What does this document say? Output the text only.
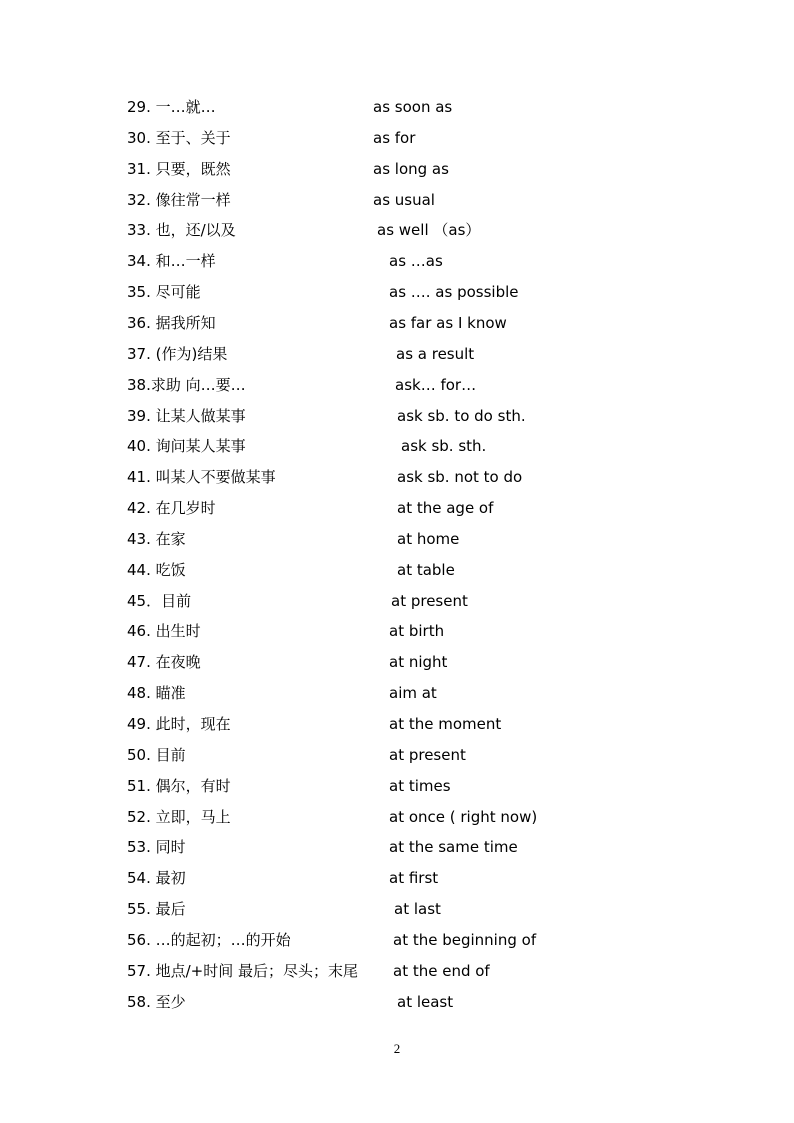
29. 一…就…	as soon as
30. 至于、关于	as for
31. 只要，既然	as long as
32. 像往常一样	as usual
33. 也，还/以及	as well （as）
34. 和…一样	as …as
35. 尽可能	as …. as possible
36. 据我所知	as far as I know
37. (作为)结果	as a result
38.求助 向…要…	ask… for…
39. 让某人做某事	ask sb. to do sth.
40. 询问某人某事	ask sb. sth.
41. 叫某人不要做某事	ask sb. not to do
42. 在几岁时	at the age of
43. 在家	at home
44. 吃饭	at table
45．目前	at present
46. 出生时	at birth
47. 在夜晚	at night
48. 瞄准	aim at
49. 此时，现在	at the moment
50. 目前	at present
51. 偶尔，有时	at times
52. 立即，马上	at once ( right now)
53. 同时	at the same time
54. 最初	at first
55. 最后	at last
56. …的起初；…的开始	at the beginning of
57. 地点/+时间 最后；尽头；末尾 at the end of
58. 至少	at least
2
